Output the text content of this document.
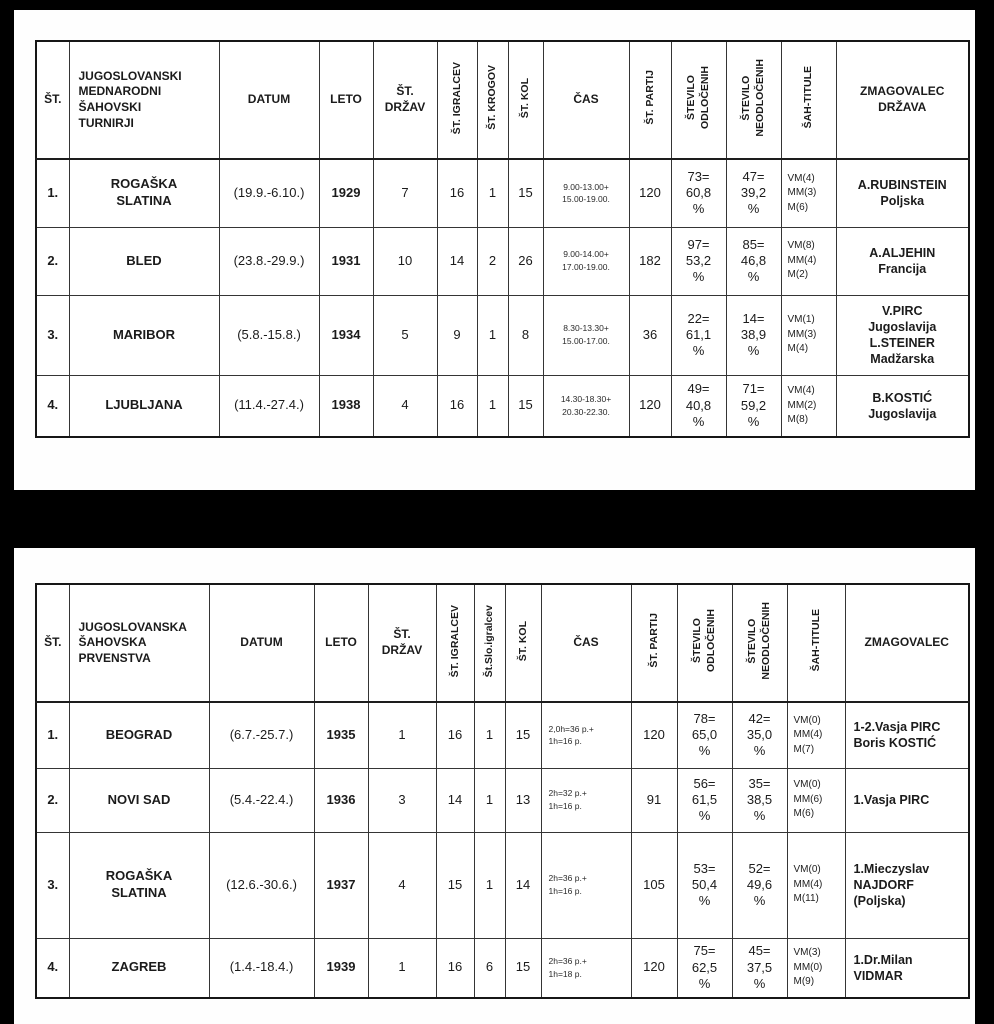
ŠT.	JUGOSLOVANSKI
MEDNARODNI
ŠAHOVSKI
TURNIRJI	DATUM	LETO	ŠT.
DRŽAV	ŠT. IGRALCEV	ŠT. KROGOV	ŠT. KOL	ČAS	ŠT. PARTIJ	ŠTEVILO ODLOČENIH	ŠTEVILO NEODLOČENIH	ŠAH-TITULE	ZMAGOVALEC
DRŽAVA
1.	ROGAŠKA
SLATINA	(19.9.-6.10.)	1929	7	16	1	15	9.00-13.00+
15.00-19.00.	120	73=
60,8
%	47=
39,2
%	VM(4)
MM(3)
M(6)	A.RUBINSTEIN
Poljska
2.	BLED	(23.8.-29.9.)	1931	10	14	2	26	9.00-14.00+
17.00-19.00.	182	97=
53,2
%	85=
46,8
%	VM(8)
MM(4)
M(2)	A.ALJEHIN
Francija
3.	MARIBOR	(5.8.-15.8.)	1934	5	9	1	8	8.30-13.30+
15.00-17.00.	36	22=
61,1
%	14=
38,9
%	VM(1)
MM(3)
M(4)	V.PIRC
Jugoslavija
L.STEINER
Madžarska
4.	LJUBLJANA	(11.4.-27.4.)	1938	4	16	1	15	14.30-18.30+
20.30-22.30.	120	49=
40,8
%	71=
59,2
%	VM(4)
MM(2)
M(8)	B.KOSTIĆ
Jugoslavija
ŠT.	JUGOSLOVANSKA
ŠAHOVSKA
PRVENSTVA	DATUM	LETO	ŠT.
DRŽAV	ŠT. IGRALCEV	Št.Slo.igralcev	ŠT. KOL	ČAS	ŠT. PARTIJ	ŠTEVILO ODLOČENIH	ŠTEVILO NEODLOČENIH	ŠAH-TITULE	ZMAGOVALEC
1.	BEOGRAD	(6.7.-25.7.)	1935	1	16	1	15	2,0h=36 p.+
1h=16 p.	120	78=
65,0
%	42=
35,0
%	VM(0)
MM(4)
M(7)	1-2.Vasja PIRC
Boris KOSTIĆ
2.	NOVI SAD	(5.4.-22.4.)	1936	3	14	1	13	2h=32 p.+
1h=16 p.	91	56=
61,5
%	35=
38,5
%	VM(0)
MM(6)
M(6)	1.Vasja PIRC
3.	ROGAŠKA
SLATINA	(12.6.-30.6.)	1937	4	15	1	14	2h=36 p.+
1h=16 p.	105	53=
50,4
%	52=
49,6
%	VM(0)
MM(4)
M(11)	1.Mieczyslav
NAJDORF
(Poljska)
4.	ZAGREB	(1.4.-18.4.)	1939	1	16	6	15	2h=36 p.+
1h=18 p.	120	75=
62,5
%	45=
37,5
%	VM(3)
MM(0)
M(9)	1.Dr.Milan
VIDMAR
